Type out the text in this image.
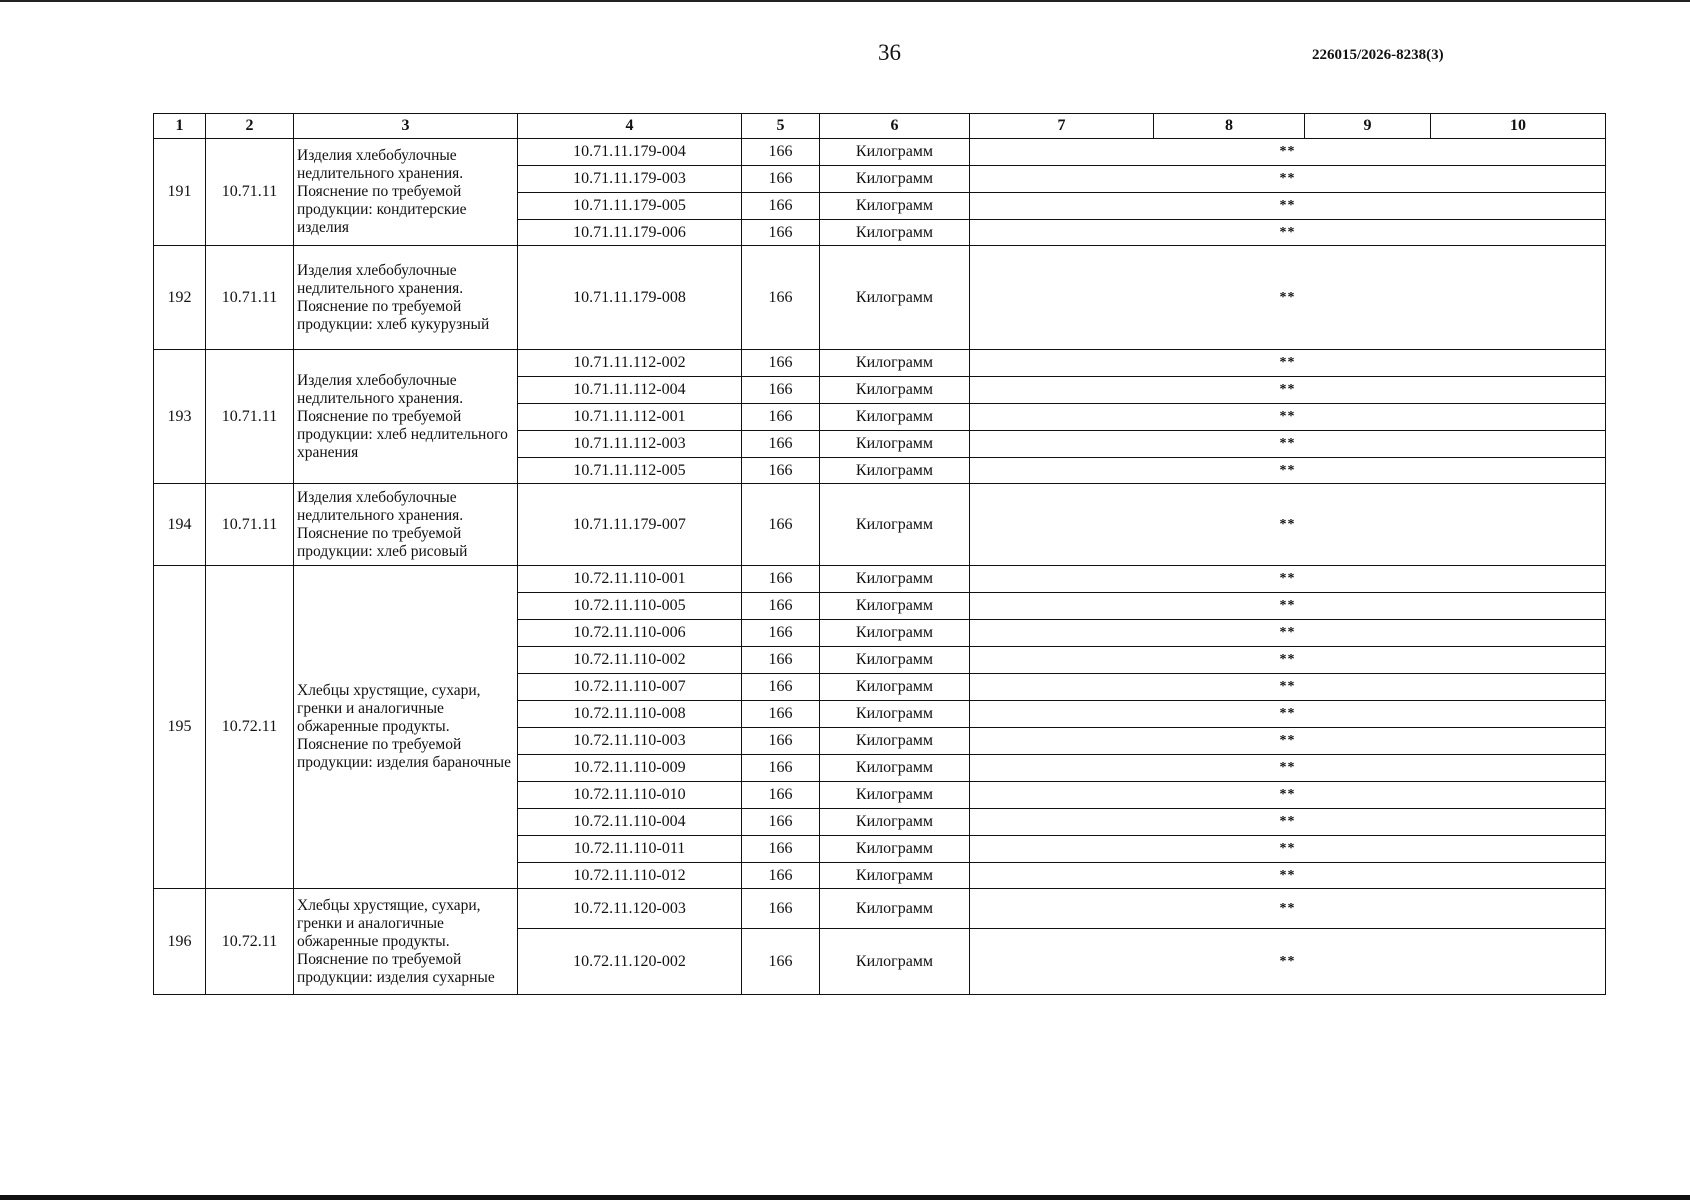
36	226015/2026-8238(3)
1	2	3	4	5	6	7	8	9	10
191	10.71.11	Изделия хлебобулочные недлительного хранения. Пояснение по требуемой продукции: кондитерские изделия	10.71.11.179-004	166	Килограмм	**			
			10.71.11.179-003	166	Килограмм	**			
			10.71.11.179-005	166	Килограмм	**			
			10.71.11.179-006	166	Килограмм	**			
192	10.71.11	Изделия хлебобулочные недлительного хранения. Пояснение по требуемой продукции: хлеб кукурузный	10.71.11.179-008	166	Килограмм	**			
193	10.71.11	Изделия хлебобулочные недлительного хранения. Пояснение по требуемой продукции: хлеб недлительного хранения	10.71.11.112-002	166	Килограмм	**			
			10.71.11.112-004	166	Килограмм	**			
			10.71.11.112-001	166	Килограмм	**			
			10.71.11.112-003	166	Килограмм	**			
			10.71.11.112-005	166	Килограмм	**			
194	10.71.11	Изделия хлебобулочные недлительного хранения. Пояснение по требуемой продукции: хлеб рисовый	10.71.11.179-007	166	Килограмм	**			
195	10.72.11	Хлебцы хрустящие, сухари, гренки и аналогичные обжаренные продукты. Пояснение по требуемой продукции: изделия бараночные	10.72.11.110-001	166	Килограмм	**			
			10.72.11.110-005	166	Килограмм	**			
			10.72.11.110-006	166	Килограмм	**			
			10.72.11.110-002	166	Килограмм	**			
			10.72.11.110-007	166	Килограмм	**			
			10.72.11.110-008	166	Килограмм	**			
			10.72.11.110-003	166	Килограмм	**			
			10.72.11.110-009	166	Килограмм	**			
			10.72.11.110-010	166	Килограмм	**			
			10.72.11.110-004	166	Килограмм	**			
			10.72.11.110-011	166	Килограмм	**			
			10.72.11.110-012	166	Килограмм	**			
196	10.72.11	Хлебцы хрустящие, сухари, гренки и аналогичные обжаренные продукты. Пояснение по требуемой продукции: изделия сухарные	10.72.11.120-003	166	Килограмм	**			
			10.72.11.120-002	166	Килограмм	**			
